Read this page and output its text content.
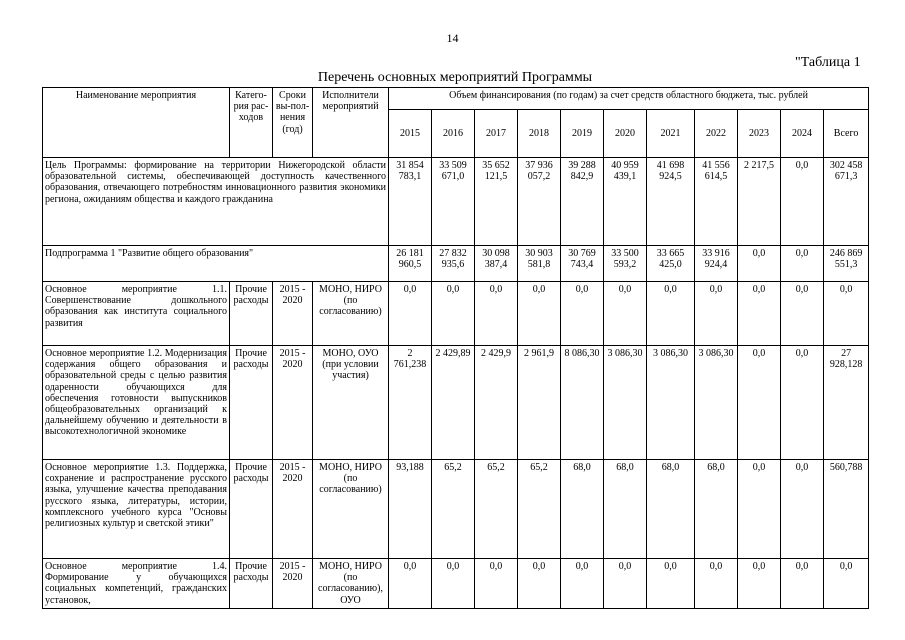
14
"Таблица 1
Перечень основных мероприятий Программы
Наименование мероприятия	Катего-рия рас-ходов	Сроки вы-пол-нения (год)	Исполнители мероприятий	Объем финансирования (по годам) за счет средств областного бюджета, тыс. рублей										
				2015	2016	2017	2018	2019	2020	2021	2022	2023	2024	Всего
Цель Программы: формирование на территории Нижегородской области образовательной системы, обеспечивающей доступность качественного образования, отвечающего потребностям инновационного развития экономики региона, ожиданиям общества и каждого гражданина				31 854 783,1	33 509 671,0	35 652 121,5	37 936 057,2	39 288 842,9	40 959 439,1	41 698 924,5	41 556 614,5	2 217,5	0,0	302 458 671,3
Подпрограмма 1 "Развитие общего образования"				26 181 960,5	27 832 935,6	30 098 387,4	30 903 581,8	30 769 743,4	33 500 593,2	33 665 425,0	33 916 924,4	0,0	0,0	246 869 551,3
Основное мероприятие 1.1. Совершенствование дошкольного образования как института социального развития	Прочие расходы	2015 - 2020	МОНО, НИРО (по согласованию)	0,0	0,0	0,0	0,0	0,0	0,0	0,0	0,0	0,0	0,0	0,0
Основное мероприятие 1.2. Модернизация содержания общего образования и образовательной среды с целью развития одаренности обучающихся для обеспечения готовности выпускников общеобразовательных организаций к дальнейшему обучению и деятельности в высокотехнологичной экономике	Прочие расходы	2015 - 2020	МОНО, ОУО (при условии участия)	2 761,238	2 429,89	2 429,9	2 961,9	8 086,30	3 086,30	3 086,30	3 086,30	0,0	0,0	27 928,128
Основное мероприятие 1.3. Поддержка, сохранение и распространение русского языка, улучшение качества преподавания русского языка, литературы, истории, комплексного учебного курса "Основы религиозных культур и светской этики"	Прочие расходы	2015 - 2020	МОНО, НИРО (по согласованию)	93,188	65,2	65,2	65,2	68,0	68,0	68,0	68,0	0,0	0,0	560,788
Основное мероприятие 1.4. Формирование у обучающихся социальных компетенций, гражданских установок,	Прочие расходы	2015 - 2020	МОНО, НИРО (по согласованию), ОУО	0,0	0,0	0,0	0,0	0,0	0,0	0,0	0,0	0,0	0,0	0,0
